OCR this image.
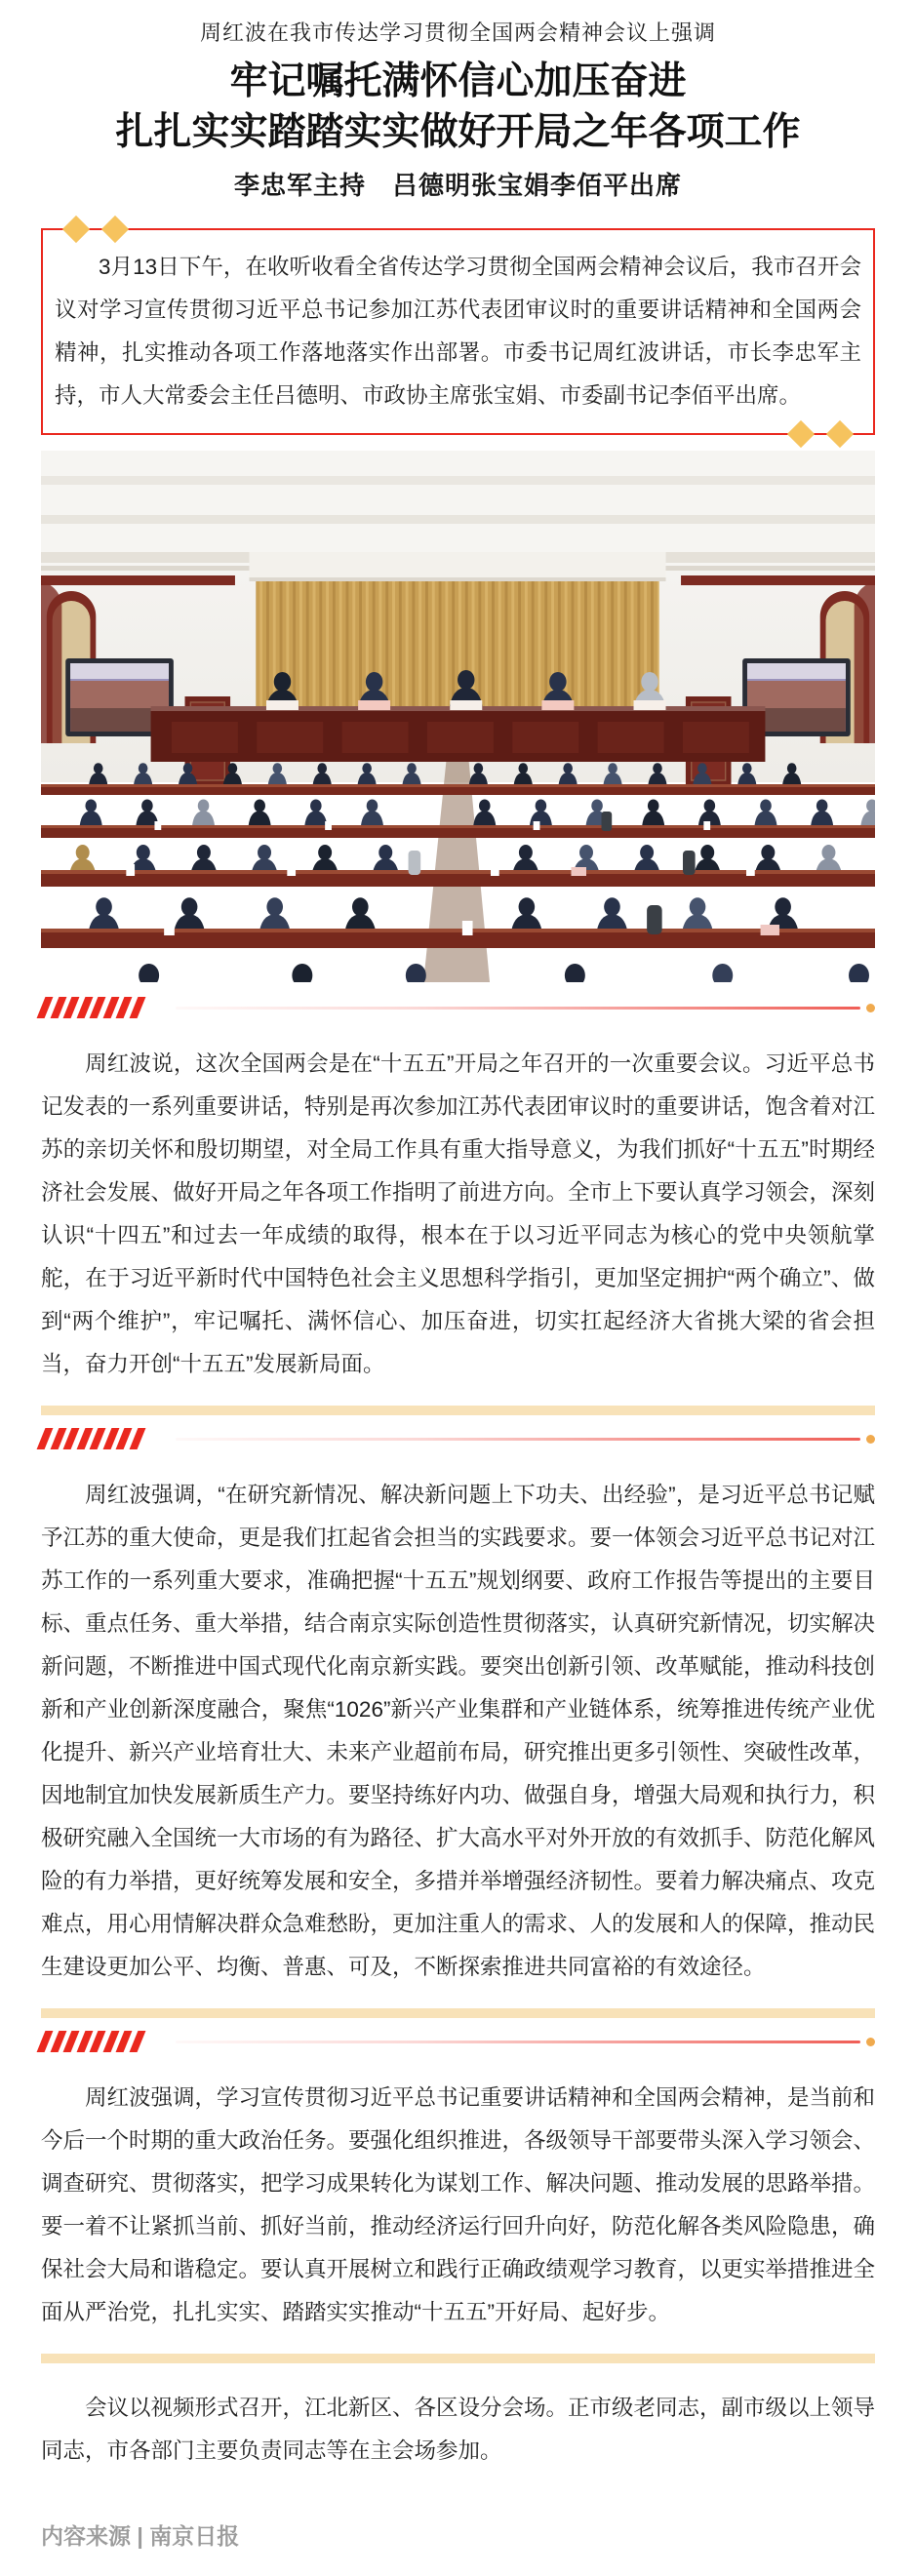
周红波在我市传达学习贯彻全国两会精神会议上强调
牢记嘱托满怀信心加压奋进
扎扎实实踏踏实实做好开局之年各项工作
李忠军主持　吕德明张宝娟李佰平出席

3月13日下午，在收听收看全省传达学习贯彻全国两会精神会议后，我市召开会议对学习宣传贯彻习近平总书记参加江苏代表团审议时的重要讲话精神和全国两会精神，扎实推动各项工作落地落实作出部署。市委书记周红波讲话，市长李忠军主持，市人大常委会主任吕德明、市政协主席张宝娟、市委副书记李佰平出席。

周红波说，这次全国两会是在“十五五”开局之年召开的一次重要会议。习近平总书记发表的一系列重要讲话，特别是再次参加江苏代表团审议时的重要讲话，饱含着对江苏的亲切关怀和殷切期望，对全局工作具有重大指导意义，为我们抓好“十五五”时期经济社会发展、做好开局之年各项工作指明了前进方向。全市上下要认真学习领会，深刻认识“十四五”和过去一年成绩的取得，根本在于以习近平同志为核心的党中央领航掌舵，在于习近平新时代中国特色社会主义思想科学指引，更加坚定拥护“两个确立”、做到“两个维护”，牢记嘱托、满怀信心、加压奋进，切实扛起经济大省挑大梁的省会担当，奋力开创“十五五”发展新局面。

周红波强调，“在研究新情况、解决新问题上下功夫、出经验”，是习近平总书记赋予江苏的重大使命，更是我们扛起省会担当的实践要求。要一体领会习近平总书记对江苏工作的一系列重大要求，准确把握“十五五”规划纲要、政府工作报告等提出的主要目标、重点任务、重大举措，结合南京实际创造性贯彻落实，认真研究新情况，切实解决新问题，不断推进中国式现代化南京新实践。要突出创新引领、改革赋能，推动科技创新和产业创新深度融合，聚焦“1026”新兴产业集群和产业链体系，统筹推进传统产业优化提升、新兴产业培育壮大、未来产业超前布局，研究推出更多引领性、突破性改革，因地制宜加快发展新质生产力。要坚持练好内功、做强自身，增强大局观和执行力，积极研究融入全国统一大市场的有为路径、扩大高水平对外开放的有效抓手、防范化解风险的有力举措，更好统筹发展和安全，多措并举增强经济韧性。要着力解决痛点、攻克难点，用心用情解决群众急难愁盼，更加注重人的需求、人的发展和人的保障，推动民生建设更加公平、均衡、普惠、可及，不断探索推进共同富裕的有效途径。

周红波强调，学习宣传贯彻习近平总书记重要讲话精神和全国两会精神，是当前和今后一个时期的重大政治任务。要强化组织推进，各级领导干部要带头深入学习领会、调查研究、贯彻落实，把学习成果转化为谋划工作、解决问题、推动发展的思路举措。要一着不让紧抓当前、抓好当前，推动经济运行回升向好，防范化解各类风险隐患，确保社会大局和谐稳定。要认真开展树立和践行正确政绩观学习教育，以更实举措推进全面从严治党，扎扎实实、踏踏实实推动“十五五”开好局、起好步。

会议以视频形式召开，江北新区、各区设分会场。正市级老同志，副市级以上领导同志，市各部门主要负责同志等在主会场参加。

内容来源 | 南京日报
